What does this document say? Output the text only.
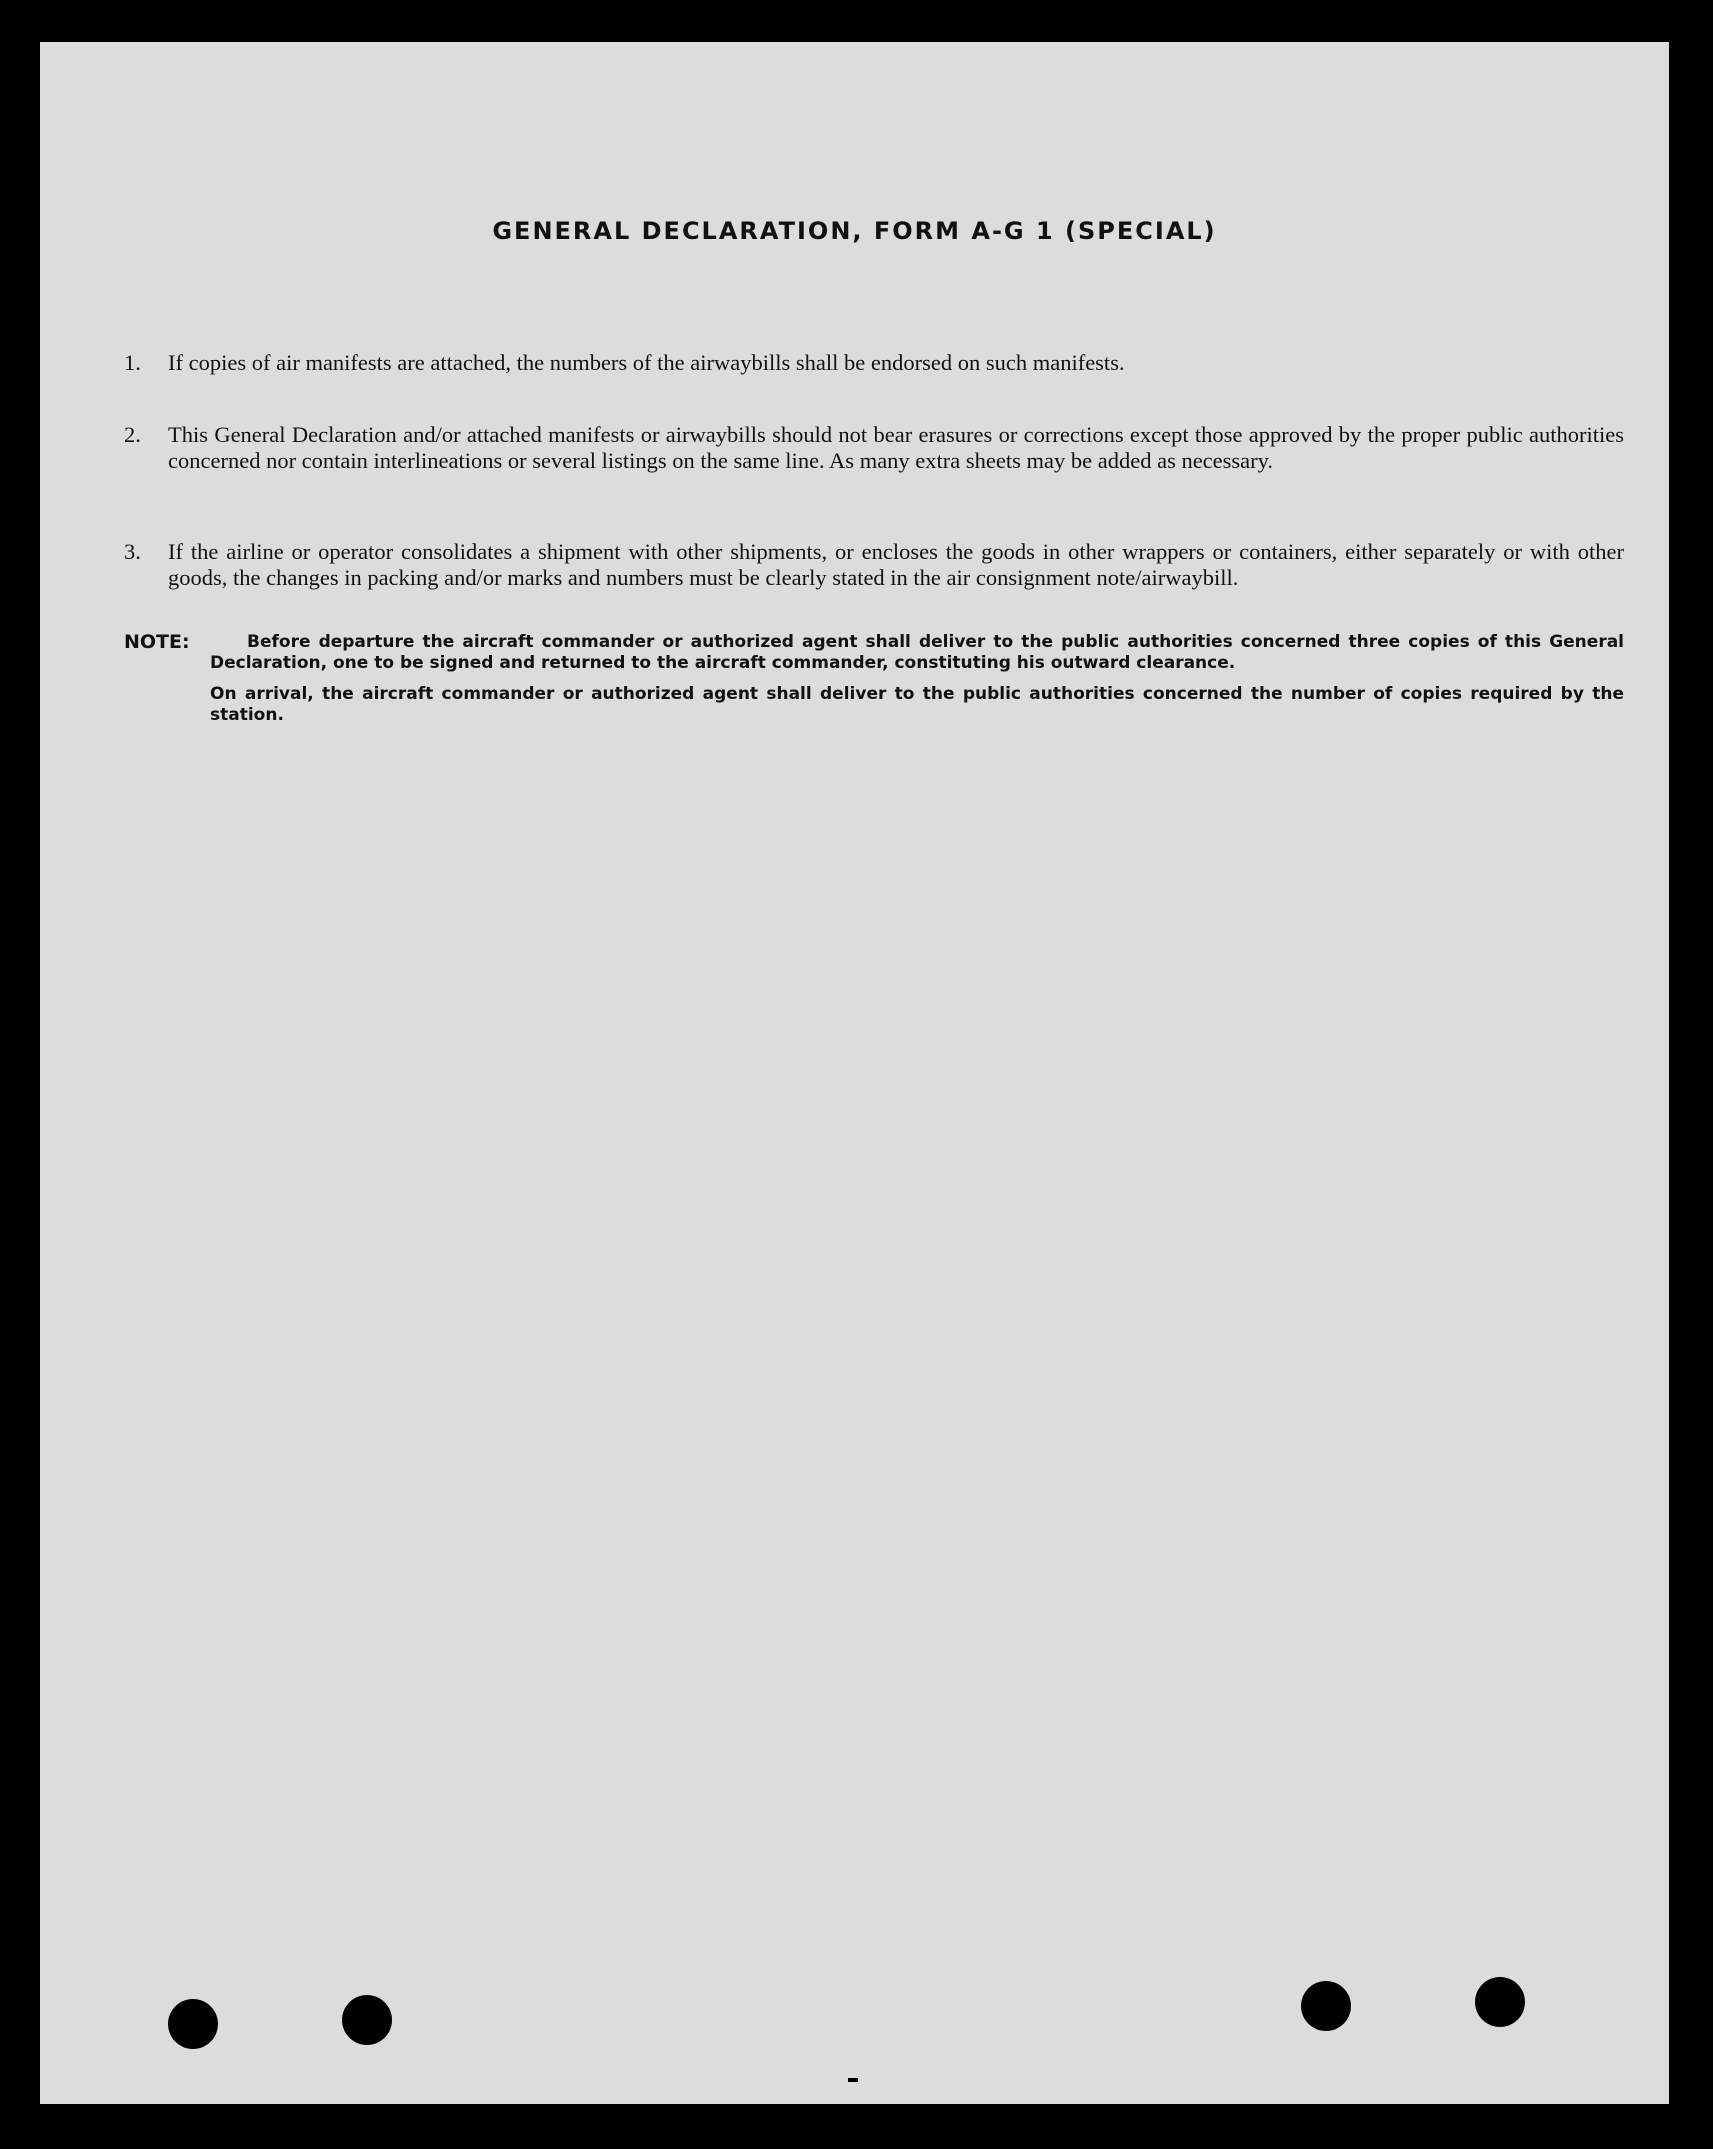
GENERAL DECLARATION, FORM A-G 1 (SPECIAL)
1.	If copies of air manifests are attached, the numbers of the airwaybills shall be endorsed on such manifests.
2.	This General Declaration and/or attached manifests or airwaybills should not bear erasures or corrections except those approved by the proper public authorities concerned nor contain interlineations or several listings on the same line. As many extra sheets may be added as necessary.
3.	If the airline or operator consolidates a shipment with other shipments, or encloses the goods in other wrappers or containers, either separately or with other goods, the changes in packing and/or marks and numbers must be clearly stated in the air consignment note/airwaybill.
NOTE:	Before departure the aircraft commander or authorized agent shall deliver to the public authorities concerned three copies of this General Declaration, one to be signed and returned to the aircraft commander, constituting his outward clearance.
On arrival, the aircraft commander or authorized agent shall deliver to the public authorities concerned the number of copies required by the station.
